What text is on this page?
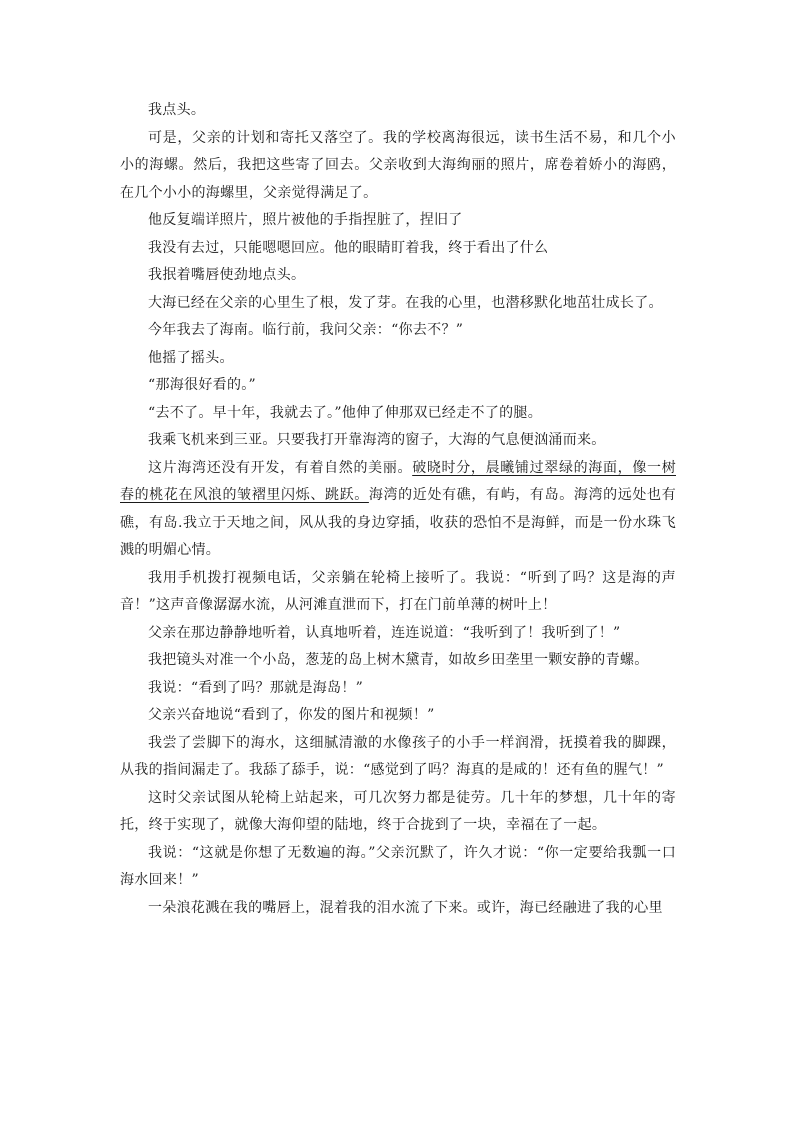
我点头。

可是，父亲的计划和寄托又落空了。我的学校离海很远，读书生活不易，和几个小小的海螺。然后，我把这些寄了回去。父亲收到大海绚丽的照片，席卷着娇小的海鸥，在几个小小的海螺里，父亲觉得满足了。

他反复端详照片，照片被他的手指捏脏了，捏旧了

我没有去过，只能嗯嗯回应。他的眼睛盯着我，终于看出了什么

我抿着嘴唇使劲地点头。

大海已经在父亲的心里生了根，发了芽。在我的心里，也潜移默化地茁壮成长了。

今年我去了海南。临行前，我问父亲：“你去不？”

他摇了摇头。

“那海很好看的。”

“去不了。早十年，我就去了。”他伸了伸那双已经走不了的腿。

我乘飞机来到三亚。只要我打开靠海湾的窗子，大海的气息便汹涌而来。

这片海湾还没有开发，有着自然的美丽。破晓时分，晨曦铺过翠绿的海面，像一树春的桃花在风浪的皱褶里闪烁、跳跃。海湾的近处有礁，有屿，有岛。海湾的远处也有礁，有岛.我立于天地之间，风从我的身边穿插，收获的恐怕不是海鲜，而是一份水珠飞溅的明媚心情。

我用手机拨打视频电话，父亲躺在轮椅上接听了。我说：“听到了吗？这是海的声音！”这声音像潺潺水流，从河滩直泄而下，打在门前单薄的树叶上！

父亲在那边静静地听着，认真地听着，连连说道：“我听到了！我听到了！”

我把镜头对准一个小岛，葱茏的岛上树木黛青，如故乡田垄里一颗安静的青螺。

我说：“看到了吗？那就是海岛！”

父亲兴奋地说“看到了，你发的图片和视频！”

我尝了尝脚下的海水，这细腻清澈的水像孩子的小手一样润滑，抚摸着我的脚踝，从我的指间漏走了。我舔了舔手，说：“感觉到了吗？海真的是咸的！还有鱼的腥气！”

这时父亲试图从轮椅上站起来，可几次努力都是徒劳。几十年的梦想，几十年的寄托，终于实现了，就像大海仰望的陆地，终于合拢到了一块，幸福在了一起。

我说：“这就是你想了无数遍的海。”父亲沉默了，许久才说：“你一定要给我瓢一口海水回来！”

一朵浪花溅在我的嘴唇上，混着我的泪水流了下来。或许，海已经融进了我的心里
